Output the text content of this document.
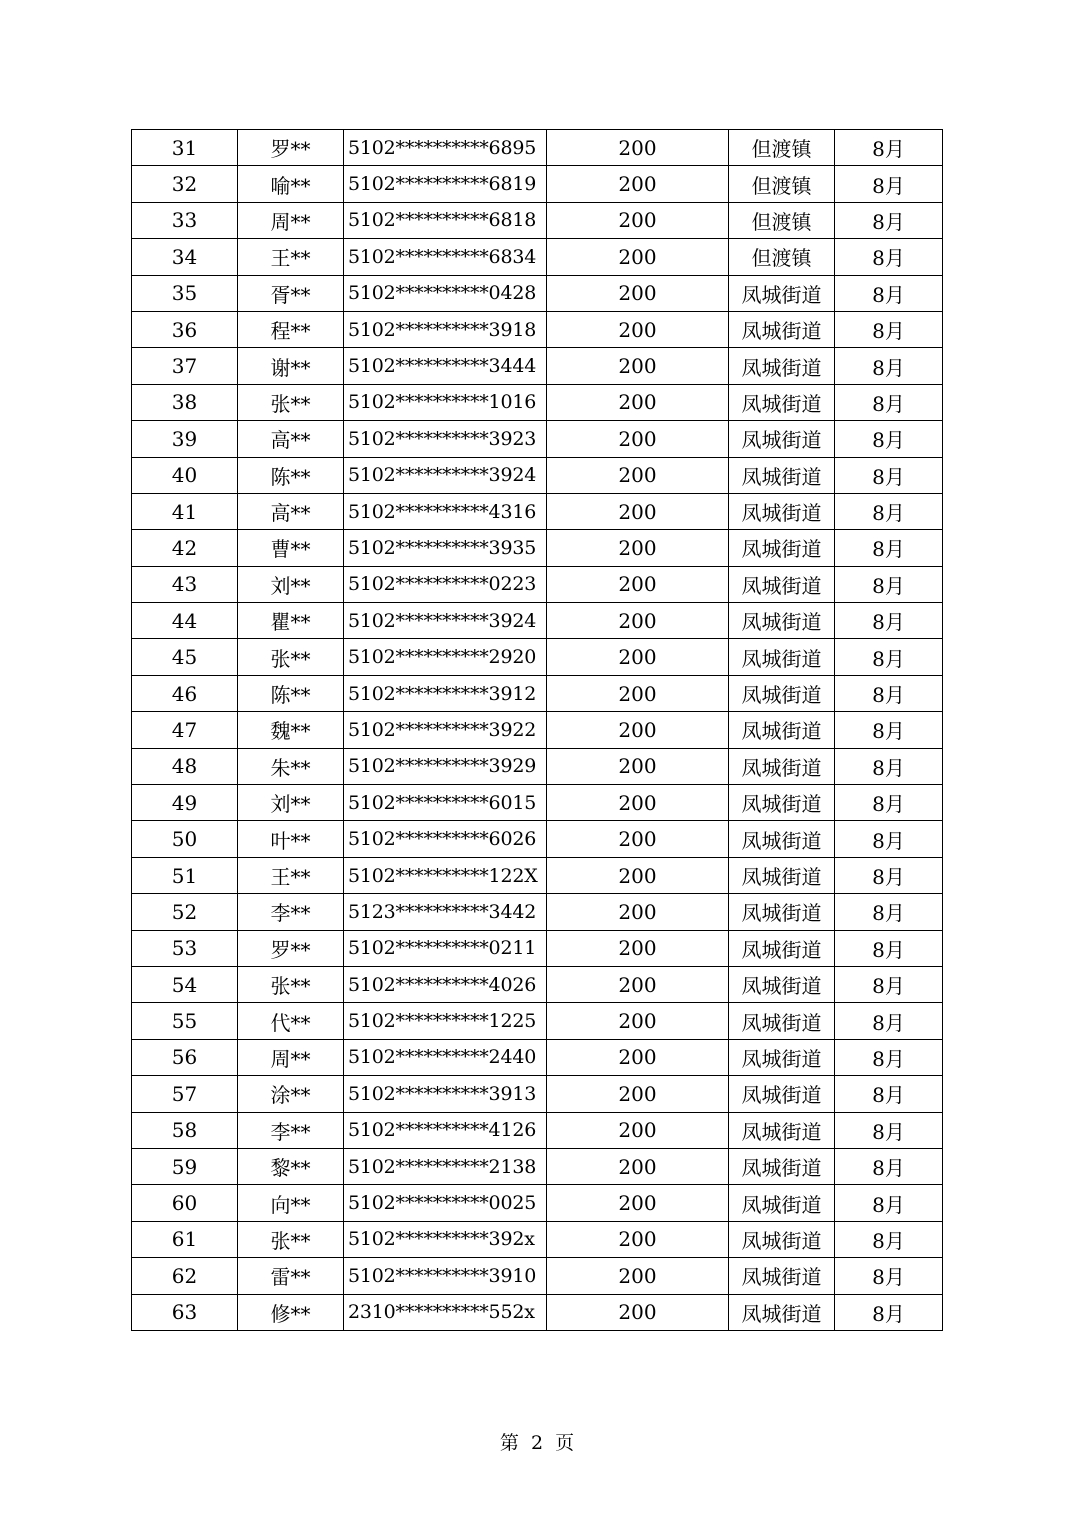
31	罗**	5102**********6895	200	但渡镇	8月
32	喻**	5102**********6819	200	但渡镇	8月
33	周**	5102**********6818	200	但渡镇	8月
34	王**	5102**********6834	200	但渡镇	8月
35	胥**	5102**********0428	200	凤城街道	8月
36	程**	5102**********3918	200	凤城街道	8月
37	谢**	5102**********3444	200	凤城街道	8月
38	张**	5102**********1016	200	凤城街道	8月
39	高**	5102**********3923	200	凤城街道	8月
40	陈**	5102**********3924	200	凤城街道	8月
41	高**	5102**********4316	200	凤城街道	8月
42	曹**	5102**********3935	200	凤城街道	8月
43	刘**	5102**********0223	200	凤城街道	8月
44	瞿**	5102**********3924	200	凤城街道	8月
45	张**	5102**********2920	200	凤城街道	8月
46	陈**	5102**********3912	200	凤城街道	8月
47	魏**	5102**********3922	200	凤城街道	8月
48	朱**	5102**********3929	200	凤城街道	8月
49	刘**	5102**********6015	200	凤城街道	8月
50	叶**	5102**********6026	200	凤城街道	8月
51	王**	5102**********122X	200	凤城街道	8月
52	李**	5123**********3442	200	凤城街道	8月
53	罗**	5102**********0211	200	凤城街道	8月
54	张**	5102**********4026	200	凤城街道	8月
55	代**	5102**********1225	200	凤城街道	8月
56	周**	5102**********2440	200	凤城街道	8月
57	涂**	5102**********3913	200	凤城街道	8月
58	李**	5102**********4126	200	凤城街道	8月
59	黎**	5102**********2138	200	凤城街道	8月
60	向**	5102**********0025	200	凤城街道	8月
61	张**	5102**********392x	200	凤城街道	8月
62	雷**	5102**********3910	200	凤城街道	8月
63	修**	2310**********552x	200	凤城街道	8月
第 2 页
